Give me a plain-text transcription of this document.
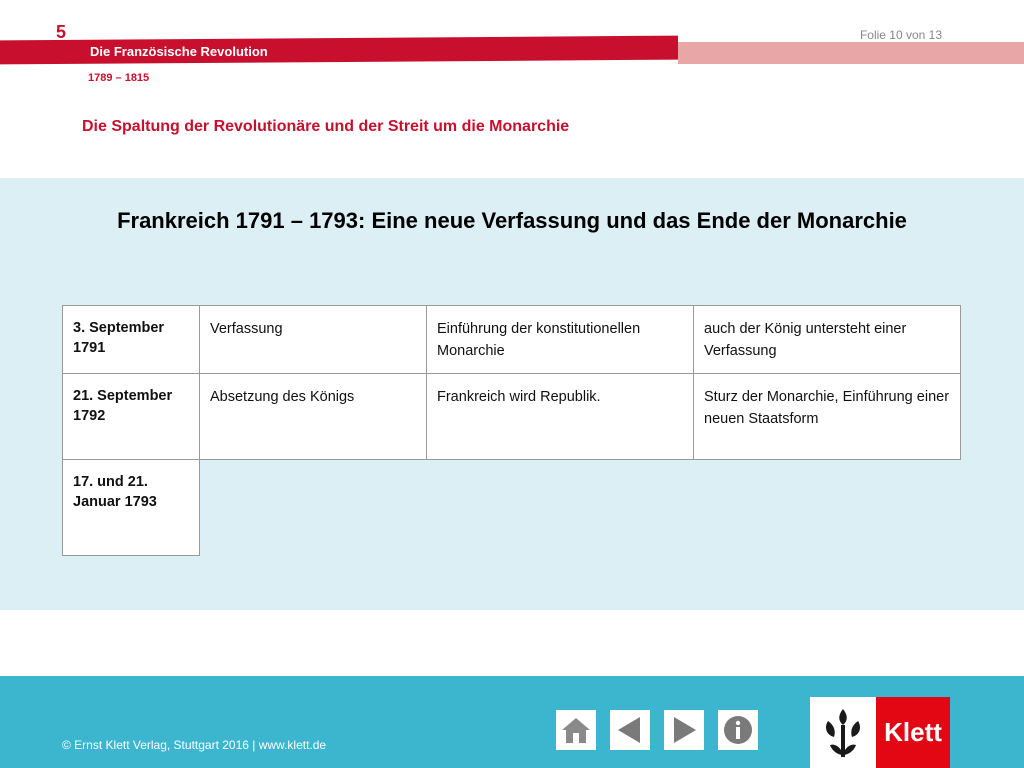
5
Die Französische Revolution
Folie 10 von 13
1789 – 1815
Die Spaltung der Revolutionäre und der Streit um die Monarchie
Frankreich 1791 – 1793: Eine neue Verfassung und das Ende der Monarchie
3. September 1791	Verfassung	Einführung der konstitutionellen Monarchie	auch der König untersteht einer Verfassung
21. September 1792	Absetzung des Königs	Frankreich wird Republik.	Sturz der Monarchie, Einführung einer neuen Staatsform
17. und 21. Januar 1793			
© Ernst Klett Verlag, Stuttgart 2016 | www.klett.de	Klett
